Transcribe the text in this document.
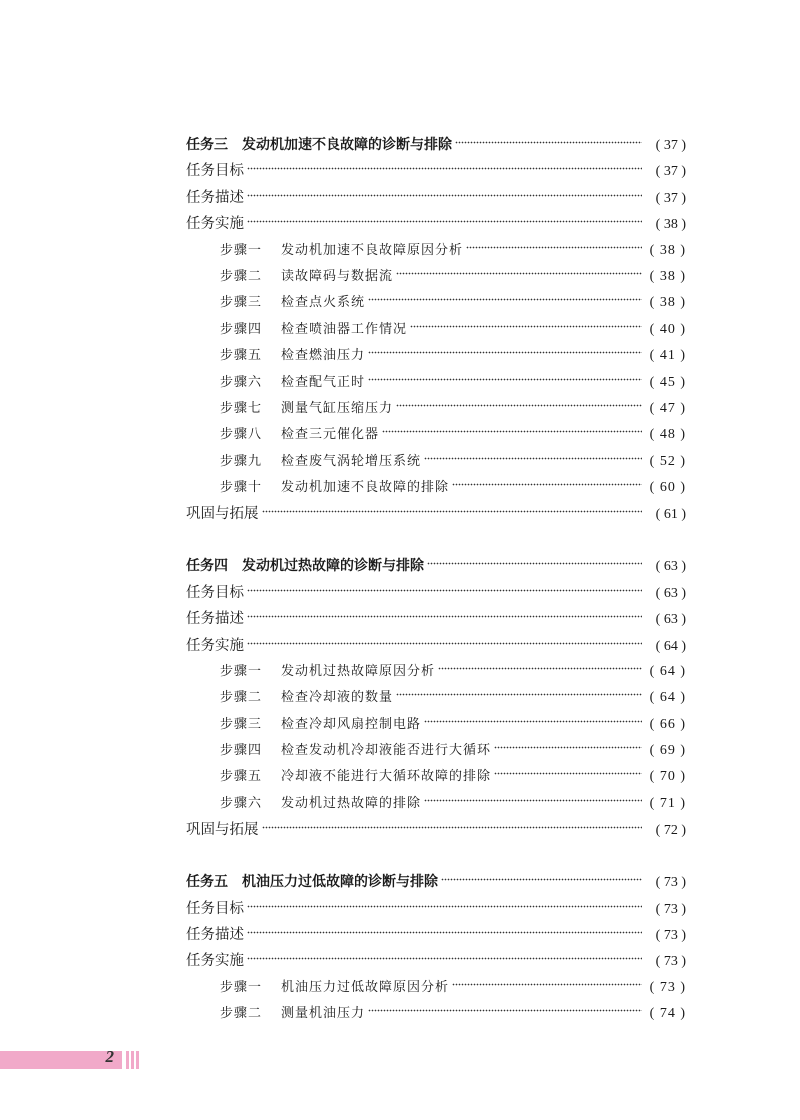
任务三 发动机加速不良故障的诊断与排除	( 37 )
任务目标	( 37 )
任务描述	( 37 )
任务实施	( 38 )
步骤一	发动机加速不良故障原因分析	( 38 )
步骤二	读故障码与数据流	( 38 )
步骤三	检查点火系统	( 38 )
步骤四	检查喷油器工作情况	( 40 )
步骤五	检查燃油压力	( 41 )
步骤六	检查配气正时	( 45 )
步骤七	测量气缸压缩压力	( 47 )
步骤八	检查三元催化器	( 48 )
步骤九	检查废气涡轮增压系统	( 52 )
步骤十	发动机加速不良故障的排除	( 60 )
巩固与拓展	( 61 )
任务四 发动机过热故障的诊断与排除	( 63 )
任务目标	( 63 )
任务描述	( 63 )
任务实施	( 64 )
步骤一	发动机过热故障原因分析	( 64 )
步骤二	检查冷却液的数量	( 64 )
步骤三	检查冷却风扇控制电路	( 66 )
步骤四	检查发动机冷却液能否进行大循环	( 69 )
步骤五	冷却液不能进行大循环故障的排除	( 70 )
步骤六	发动机过热故障的排除	( 71 )
巩固与拓展	( 72 )
任务五 机油压力过低故障的诊断与排除	( 73 )
任务目标	( 73 )
任务描述	( 73 )
任务实施	( 73 )
步骤一	机油压力过低故障原因分析	( 73 )
步骤二	测量机油压力	( 74 )
2
